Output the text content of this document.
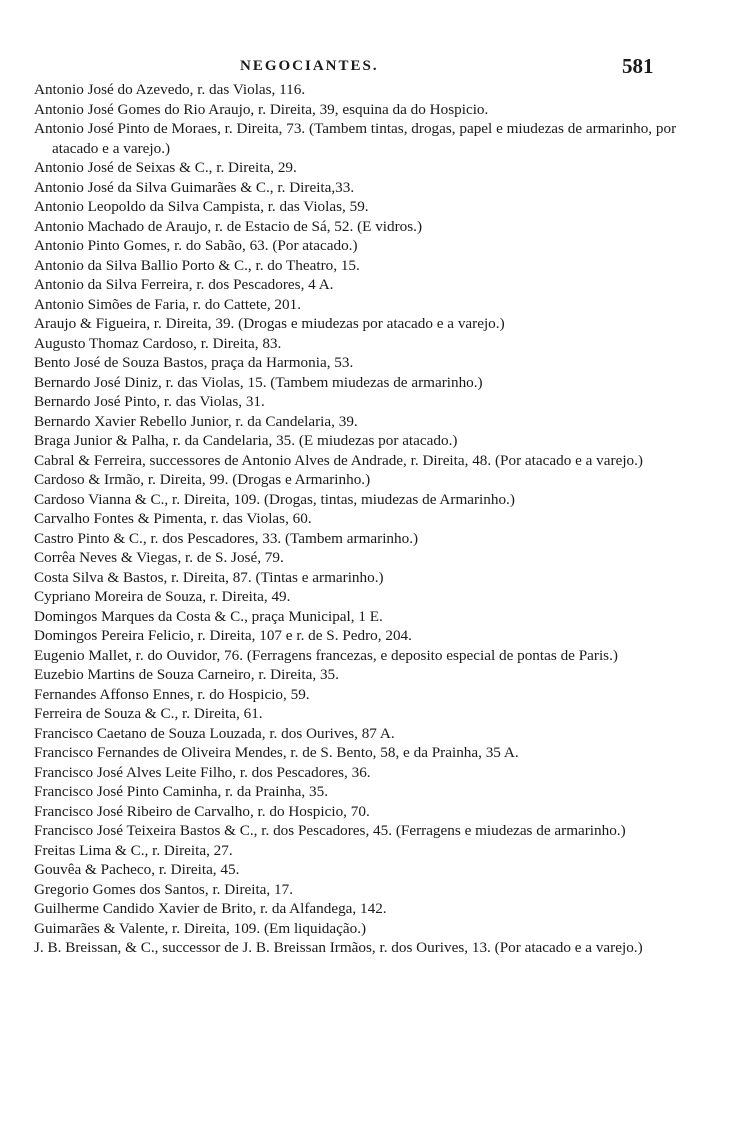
NEGOCIANTES.	581

Antonio José do Azevedo, r. das Violas, 116.

Antonio José Gomes do Rio Araujo, r. Direita, 39, esquina da do Hospicio.

Antonio José Pinto de Moraes, r. Direita, 73. (Tambem tintas, drogas, papel e miudezas de armarinho, por atacado e a varejo.)

Antonio José de Seixas & C., r. Direita, 29.

Antonio José da Silva Guimarães & C., r. Direita,33.

Antonio Leopoldo da Silva Campista, r. das Violas, 59.

Antonio Machado de Araujo, r. de Estacio de Sá, 52. (E vidros.)

Antonio Pinto Gomes, r. do Sabão, 63. (Por atacado.)

Antonio da Silva Ballio Porto & C., r. do Theatro, 15.

Antonio da Silva Ferreira, r. dos Pescadores, 4 A.

Antonio Simões de Faria, r. do Cattete, 201.

Araujo & Figueira, r. Direita, 39. (Drogas e miudezas por atacado e a varejo.)

Augusto Thomaz Cardoso, r. Direita, 83.

Bento José de Souza Bastos, praça da Harmonia, 53.

Bernardo José Diniz, r. das Violas, 15. (Tambem miudezas de armarinho.)

Bernardo José Pinto, r. das Violas, 31.

Bernardo Xavier Rebello Junior, r. da Candelaria, 39.

Braga Junior & Palha, r. da Candelaria, 35. (E miudezas por atacado.)

Cabral & Ferreira, successores de Antonio Alves de Andrade, r. Direita, 48. (Por atacado e a varejo.)

Cardoso & Irmão, r. Direita, 99. (Drogas e Armarinho.)

Cardoso Vianna & C., r. Direita, 109. (Drogas, tintas, miudezas de Armarinho.)

Carvalho Fontes & Pimenta, r. das Violas, 60.

Castro Pinto & C., r. dos Pescadores, 33. (Tambem armarinho.)

Corrêa Neves & Viegas, r. de S. José, 79.

Costa Silva & Bastos, r. Direita, 87. (Tintas e armarinho.)

Cypriano Moreira de Souza, r. Direita, 49.

Domingos Marques da Costa & C., praça Municipal, 1 E.

Domingos Pereira Felicio, r. Direita, 107 e r. de S. Pedro, 204.

Eugenio Mallet, r. do Ouvidor, 76. (Ferragens francezas, e deposito especial de pontas de Paris.)

Euzebio Martins de Souza Carneiro, r. Direita, 35.

Fernandes Affonso Ennes, r. do Hospicio, 59.

Ferreira de Souza & C., r. Direita, 61.

Francisco Caetano de Souza Louzada, r. dos Ourives, 87 A.

Francisco Fernandes de Oliveira Mendes, r. de S. Bento, 58, e da Prainha, 35 A.

Francisco José Alves Leite Filho, r. dos Pescadores, 36.

Francisco José Pinto Caminha, r. da Prainha, 35.

Francisco José Ribeiro de Carvalho, r. do Hospicio, 70.

Francisco José Teixeira Bastos & C., r. dos Pescadores, 45. (Ferragens e miudezas de armarinho.)

Freitas Lima & C., r. Direita, 27.

Gouvêa & Pacheco, r. Direita, 45.

Gregorio Gomes dos Santos, r. Direita, 17.

Guilherme Candido Xavier de Brito, r. da Alfandega, 142.

Guimarães & Valente, r. Direita, 109. (Em liquidação.)

J. B. Breissan, & C., successor de J. B. Breissan Irmãos, r. dos Ourives, 13. (Por atacado e a varejo.)
